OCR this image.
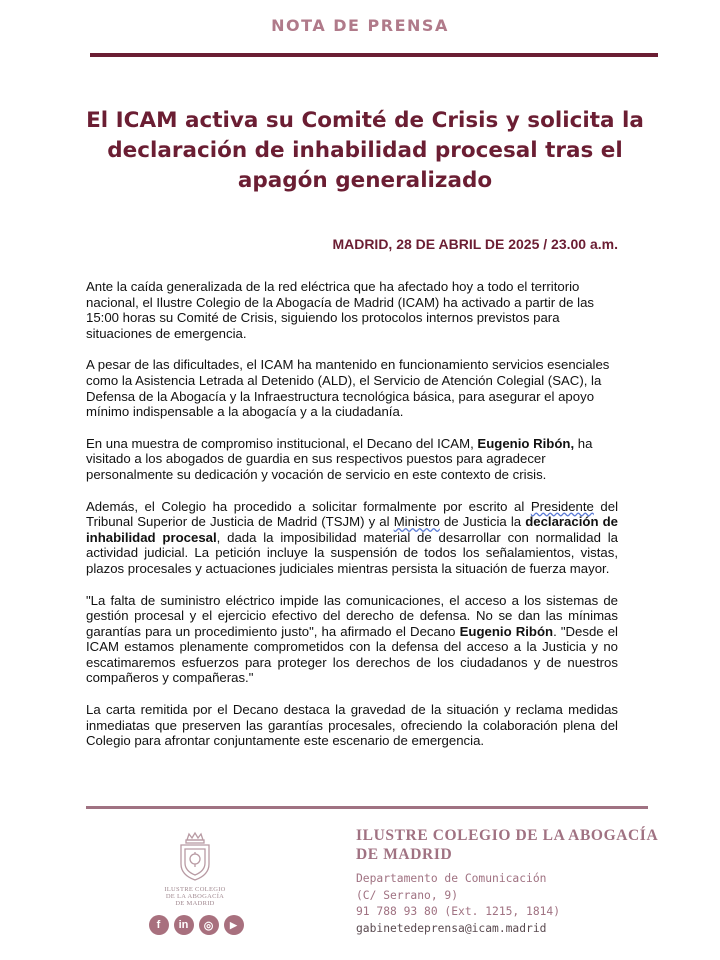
NOTA DE PRENSA
El ICAM activa su Comité de Crisis y solicita la declaración de inhabilidad procesal tras el apagón generalizado
MADRID, 28 DE ABRIL DE 2025 / 23.00 a.m.

Ante la caída generalizada de la red eléctrica que ha afectado hoy a todo el territorio nacional, el Ilustre Colegio de la Abogacía de Madrid (ICAM) ha activado a partir de las 15:00 horas su Comité de Crisis, siguiendo los protocolos internos previstos para situaciones de emergencia.

A pesar de las dificultades, el ICAM ha mantenido en funcionamiento servicios esenciales como la Asistencia Letrada al Detenido (ALD), el Servicio de Atención Colegial (SAC), la Defensa de la Abogacía y la Infraestructura tecnológica básica, para asegurar el apoyo mínimo indispensable a la abogacía y a la ciudadanía.

En una muestra de compromiso institucional, el Decano del ICAM, Eugenio Ribón, ha visitado a los abogados de guardia en sus respectivos puestos para agradecer personalmente su dedicación y vocación de servicio en este contexto de crisis.

Además, el Colegio ha procedido a solicitar formalmente por escrito al Presidente del Tribunal Superior de Justicia de Madrid (TSJM) y al Ministro de Justicia la declaración de inhabilidad procesal, dada la imposibilidad material de desarrollar con normalidad la actividad judicial. La petición incluye la suspensión de todos los señalamientos, vistas, plazos procesales y actuaciones judiciales mientras persista la situación de fuerza mayor.

"La falta de suministro eléctrico impide las comunicaciones, el acceso a los sistemas de gestión procesal y el ejercicio efectivo del derecho de defensa. No se dan las mínimas garantías para un procedimiento justo", ha afirmado el Decano Eugenio Ribón. "Desde el ICAM estamos plenamente comprometidos con la defensa del acceso a la Justicia y no escatimaremos esfuerzos para proteger los derechos de los ciudadanos y de nuestros compañeros y compañeras."

La carta remitida por el Decano destaca la gravedad de la situación y reclama medidas inmediatas que preserven las garantías procesales, ofreciendo la colaboración plena del Colegio para afrontar conjuntamente este escenario de emergencia.

ILUSTRE COLEGIO
DE LA ABOGACÍA
DE MADRID
f	in	◎	▶
ILUSTRE COLEGIO DE LA ABOGACÍA DE MADRID
Departamento de Comunicación
(C/ Serrano, 9)
91 788 93 80 (Ext. 1215, 1814)
gabinetedeprensa@icam.madrid
